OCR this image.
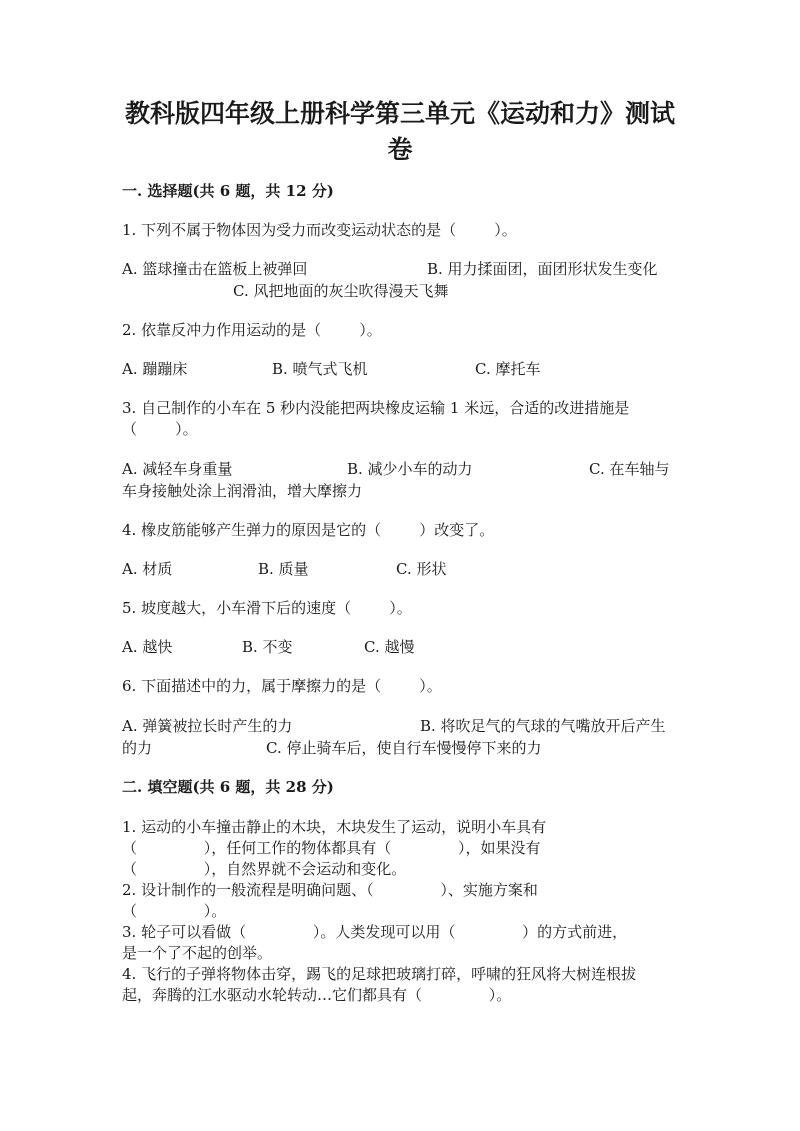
教科版四年级上册科学第三单元《运动和力》测试
卷
一. 选择题(共 6 题，共 12 分)
1. 下列不属于物体因为受力而改变运动状态的是（        ）。
A. 篮球撞击在篮板上被弹回	B. 用力揉面团，面团形状发生变化
C. 风把地面的灰尘吹得漫天飞舞
2. 依靠反冲力作用运动的是（        ）。
A. 蹦蹦床	B. 喷气式飞机	C. 摩托车
3. 自己制作的小车在 5 秒内没能把两块橡皮运输 1 米远，合适的改进措施是
（        ）。
A. 减轻车身重量	B. 减少小车的动力	C. 在车轴与
车身接触处涂上润滑油，增大摩擦力
4. 橡皮筋能够产生弹力的原因是它的（        ）改变了。
A. 材质	B. 质量	C. 形状
5. 坡度越大，小车滑下后的速度（        ）。
A. 越快	B. 不变	C. 越慢
6. 下面描述中的力，属于摩擦力的是（        ）。
A. 弹簧被拉长时产生的力	B. 将吹足气的气球的气嘴放开后产生
的力	C. 停止骑车后，使自行车慢慢停下来的力
二. 填空题(共 6 题，共 28 分)
1. 运动的小车撞击静止的木块，木块发生了运动，说明小车具有
（              ），任何工作的物体都具有（              ），如果没有
（              ），自然界就不会运动和变化。
2. 设计制作的一般流程是明确问题、（              ）、实施方案和
（              ）。
3. 轮子可以看做（              ）。人类发现可以用（              ）的方式前进，
是一个了不起的创举。
4. 飞行的子弹将物体击穿，踢飞的足球把玻璃打碎，呼啸的狂风将大树连根拔
起，奔腾的江水驱动水轮转动…它们都具有（              ）。
